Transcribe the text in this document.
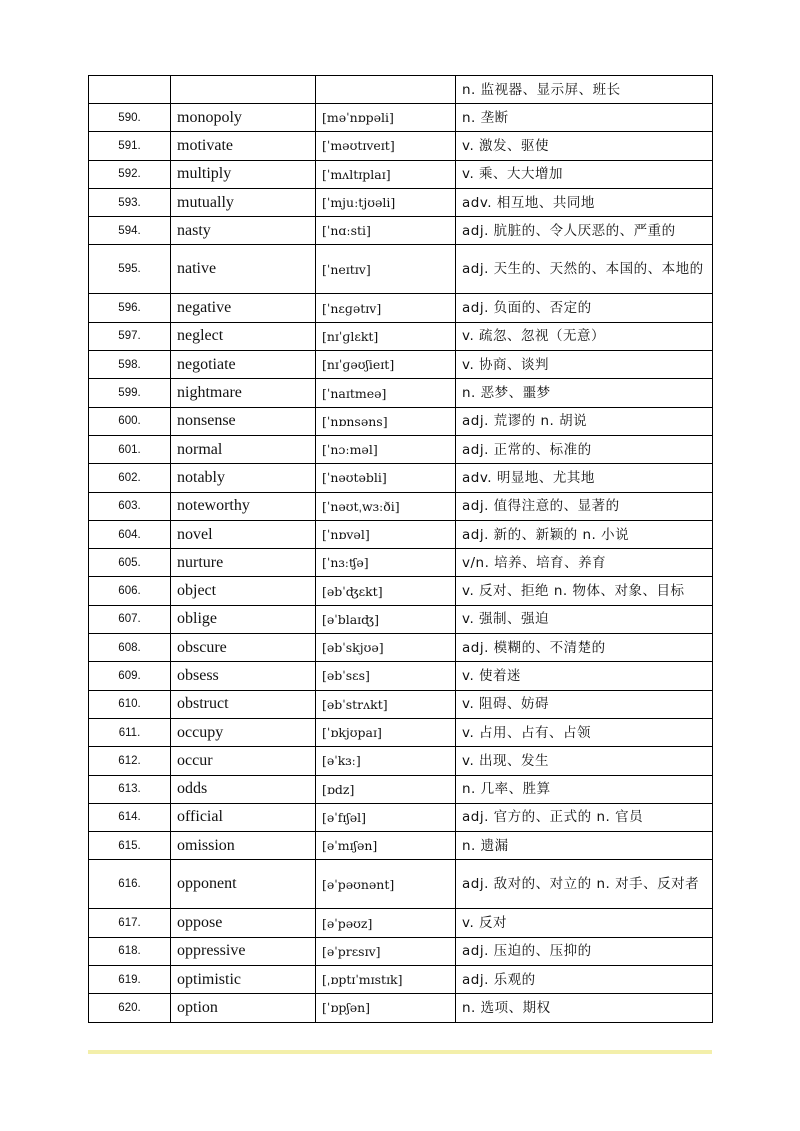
			n. 监视器、显示屏、班长
590.	monopoly	[məˈnɒpəli]	n. 垄断
591.	motivate	[ˈməʊtɪveɪt]	v. 激发、驱使
592.	multiply	[ˈmʌltɪplaɪ]	v. 乘、大大增加
593.	mutually	[ˈmjuːtjʊəli]	adv. 相互地、共同地
594.	nasty	[ˈnɑːsti]	adj. 肮脏的、令人厌恶的、严重的
595.	native	[ˈneɪtɪv]	adj. 天生的、天然的、本国的、本地的
596.	negative	[ˈnɛɡətɪv]	adj. 负面的、否定的
597.	neglect	[nɪˈɡlɛkt]	v. 疏忽、忽视（无意）
598.	negotiate	[nɪˈɡəʊʃieɪt]	v. 协商、谈判
599.	nightmare	[ˈnaɪtmeə]	n. 恶梦、噩梦
600.	nonsense	[ˈnɒnsəns]	adj. 荒谬的 n. 胡说
601.	normal	[ˈnɔːməl]	adj. 正常的、标准的
602.	notably	[ˈnəʊtəbli]	adv. 明显地、尤其地
603.	noteworthy	[ˈnəʊtˌwɜːði]	adj. 值得注意的、显著的
604.	novel	[ˈnɒvəl]	adj. 新的、新颖的 n. 小说
605.	nurture	[ˈnɜːʧə]	v/n. 培养、培育、养育
606.	object	[əbˈʤɛkt]	v. 反对、拒绝 n. 物体、对象、目标
607.	oblige	[əˈblaɪʤ]	v. 强制、强迫
608.	obscure	[əbˈskjʊə]	adj. 模糊的、不清楚的
609.	obsess	[əbˈsɛs]	v. 使着迷
610.	obstruct	[əbˈstrʌkt]	v. 阻碍、妨碍
611.	occupy	[ˈɒkjʊpaɪ]	v. 占用、占有、占领
612.	occur	[əˈkɜː]	v. 出现、发生
613.	odds	[ɒdz]	n. 几率、胜算
614.	official	[əˈfɪʃəl]	adj. 官方的、正式的 n. 官员
615.	omission	[əˈmɪʃən]	n. 遗漏
616.	opponent	[əˈpəʊnənt]	adj. 敌对的、对立的 n. 对手、反对者
617.	oppose	[əˈpəʊz]	v. 反对
618.	oppressive	[əˈprɛsɪv]	adj. 压迫的、压抑的
619.	optimistic	[ˌɒptɪˈmɪstɪk]	adj. 乐观的
620.	option	[ˈɒpʃən]	n. 选项、期权
